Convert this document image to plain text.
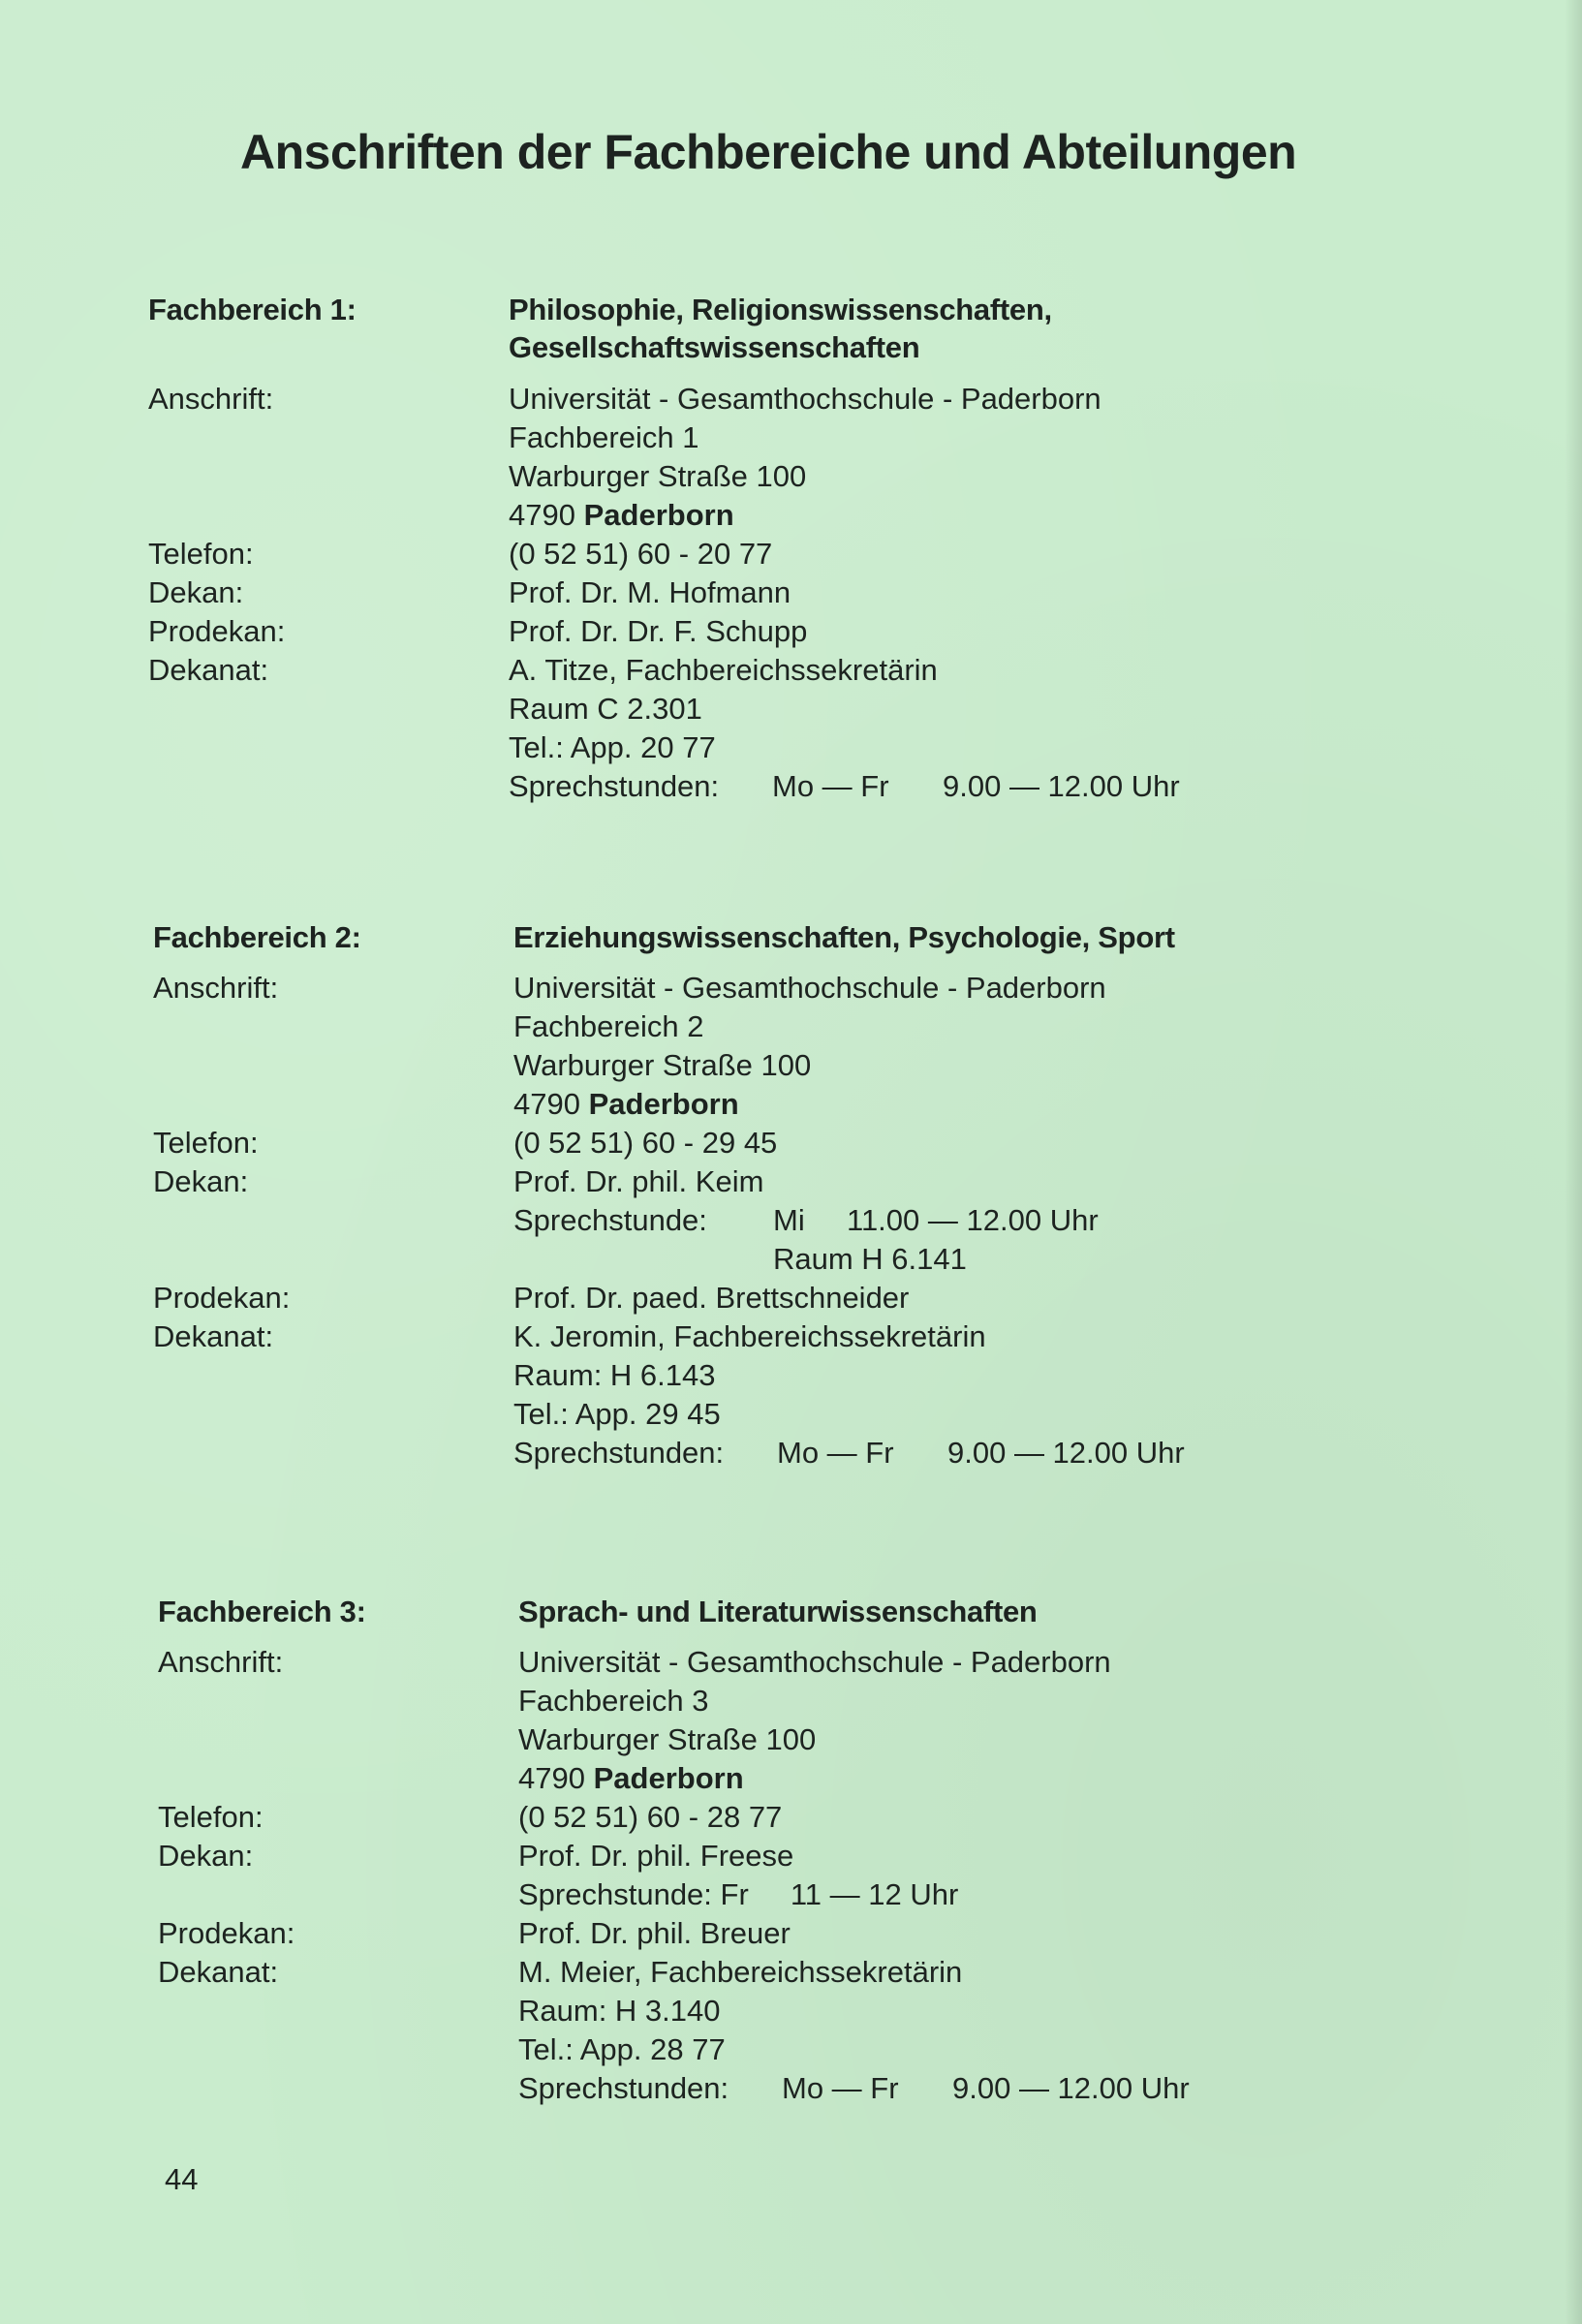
Anschriften der Fachbereiche und Abteilungen
Fachbereich 1:	Philosophie, Religionswissenschaften,
Gesellschaftswissenschaften
Anschrift:	Universität - Gesamthochschule - Paderborn
Fachbereich 1
Warburger Straße 100
4790 Paderborn
Telefon:	(0 52 51) 60 - 20 77
Dekan:	Prof. Dr. M. Hofmann
Prodekan:	Prof. Dr. Dr. F. Schupp
Dekanat:	A. Titze, Fachbereichssekretärin
Raum C 2.301
Tel.: App. 20 77
Sprechstunden: Mo — Fr 9.00 — 12.00 Uhr
Fachbereich 2:	Erziehungswissenschaften, Psychologie, Sport
Anschrift:	Universität - Gesamthochschule - Paderborn
Fachbereich 2
Warburger Straße 100
4790 Paderborn
Telefon:	(0 52 51) 60 - 29 45
Dekan:	Prof. Dr. phil. Keim
Sprechstunde: Mi 11.00 — 12.00 Uhr
Raum H 6.141
Prodekan:	Prof. Dr. paed. Brettschneider
Dekanat:	K. Jeromin, Fachbereichssekretärin
Raum: H 6.143
Tel.: App. 29 45
Sprechstunden: Mo — Fr 9.00 — 12.00 Uhr
Fachbereich 3:	Sprach- und Literaturwissenschaften
Anschrift:	Universität - Gesamthochschule - Paderborn
Fachbereich 3
Warburger Straße 100
4790 Paderborn
Telefon:	(0 52 51) 60 - 28 77
Dekan:	Prof. Dr. phil. Freese
Sprechstunde: Fr     11 — 12 Uhr
Prodekan:	Prof. Dr. phil. Breuer
Dekanat:	M. Meier, Fachbereichssekretärin
Raum: H 3.140
Tel.: App. 28 77
Sprechstunden: Mo — Fr 9.00 — 12.00 Uhr
44
